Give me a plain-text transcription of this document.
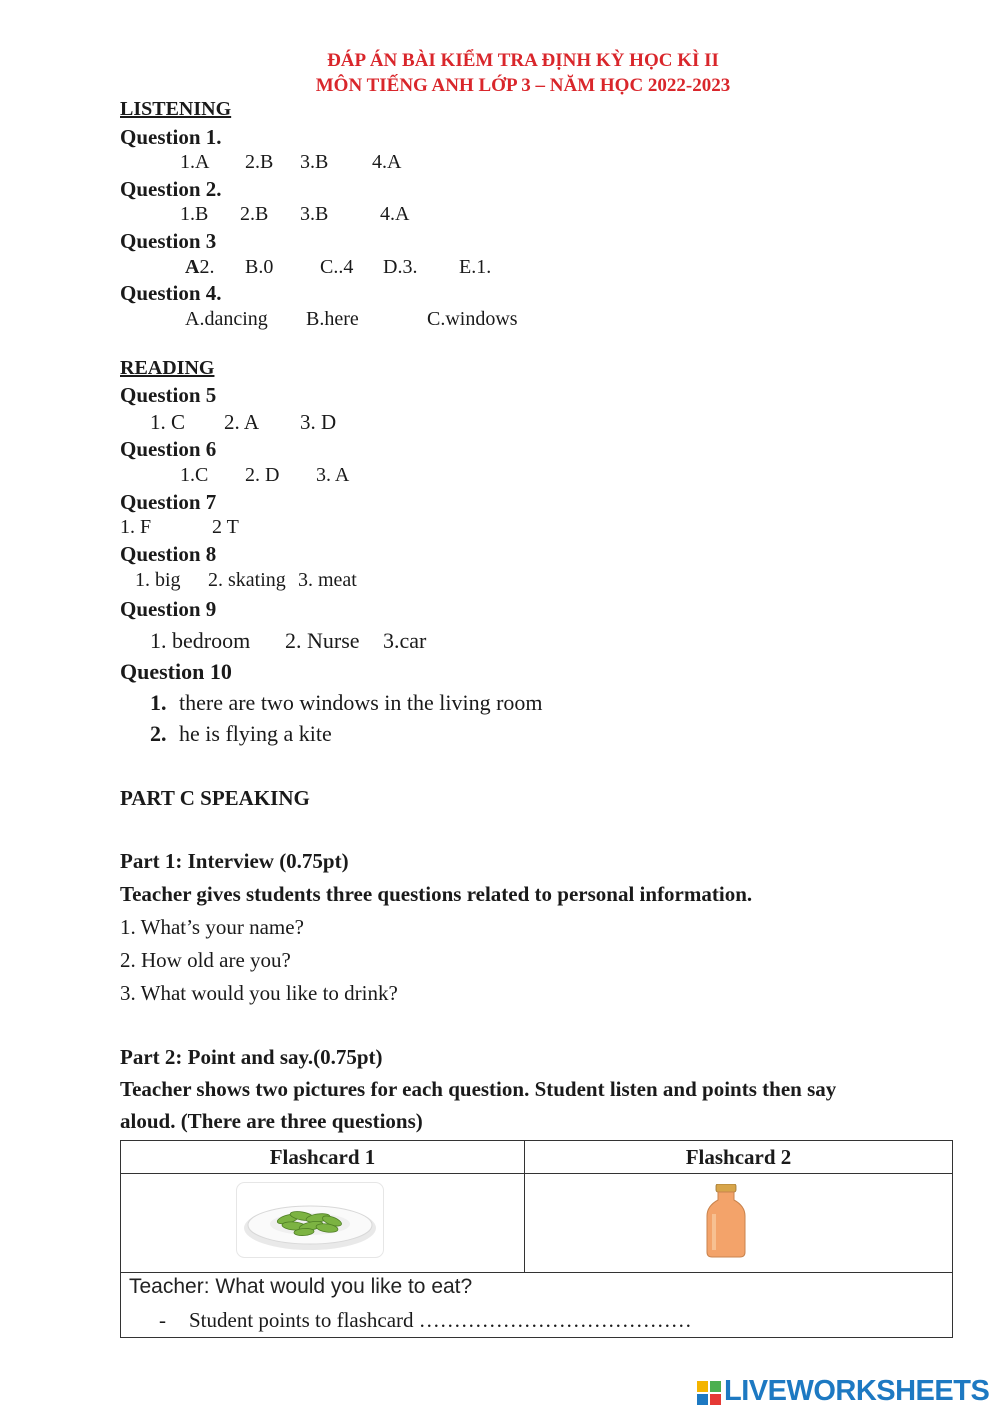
ĐÁP ÁN BÀI KIỂM TRA ĐỊNH KỲ HỌC KÌ II
MÔN TIẾNG ANH LỚP 3 – NĂM HỌC 2022-2023
LISTENING
Question 1.
1.A 2.B 3.B 4.A
Question 2.
1.B 2.B 3.B	4.A
Question 3
A2. B.0 C..4 D.3. E.1.
Question 4.
A.dancing B.here	C.windows
READING
Question 5
1. C 2. A 3. D
Question 6
1.C 2. D 3. A
Question 7
1. F	2 T
Question 8
1. big 2. skating 3. meat
Question 9
1. bedroom 2. Nurse 3.car
Question 10
1. there are two windows in the living room
2. he is flying a kite
PART C SPEAKING
Part 1: Interview (0.75pt)
Teacher gives students three questions related to personal information.
1. What’s your name?
2. How old are you?
3. What would you like to drink?
Part 2: Point and say.(0.75pt)
Teacher shows two pictures for each question. Student listen and points then say
aloud. (There are three questions)
Flashcard 1	Flashcard 2

Teacher: What would you like to eat?
- Student points to flashcard …………………………………	
LIVEWORKSHEETS
